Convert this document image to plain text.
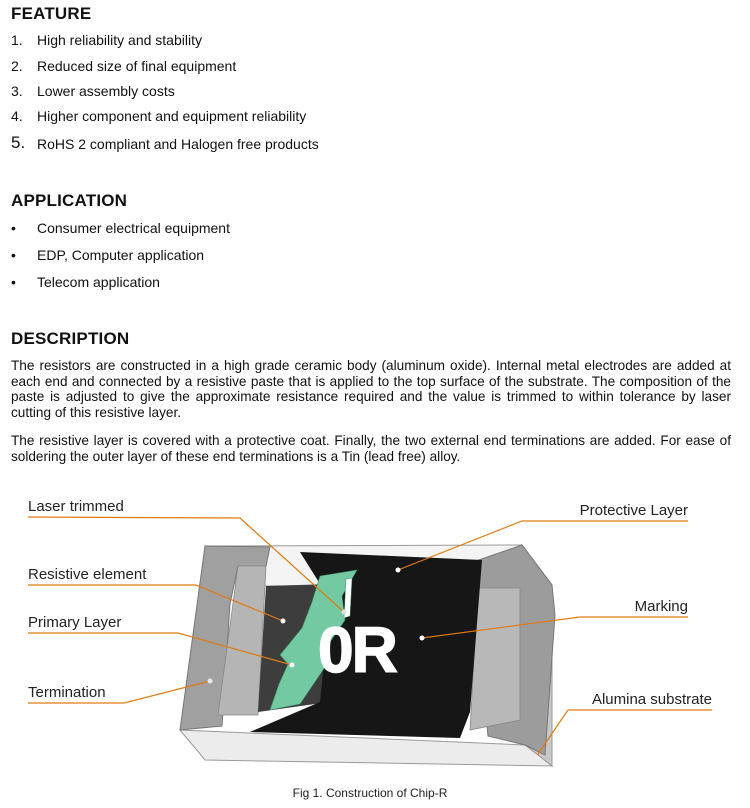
FEATURE
1. High reliability and stability
2. Reduced size of final equipment
3. Lower assembly costs
4. Higher component and equipment reliability
5. RoHS 2 compliant and Halogen free products
APPLICATION
• Consumer electrical equipment
• EDP, Computer application
• Telecom application
DESCRIPTION

The resistors are constructed in a high grade ceramic body (aluminum oxide). Internal metal electrodes are added at each end and connected by a resistive paste that is applied to the top surface of the substrate. The composition of the paste is adjusted to give the approximate resistance required and the value is trimmed to within tolerance by laser cutting of this resistive layer.

The resistive layer is covered with a protective coat. Finally, the two external end terminations are added. For ease of soldering the outer layer of these end terminations is a Tin (lead free) alloy.

0R
Laser trimmed
Resistive element
Primary Layer
Termination
Protective Layer
Marking
Alumina substrate
Fig 1. Construction of Chip-R
